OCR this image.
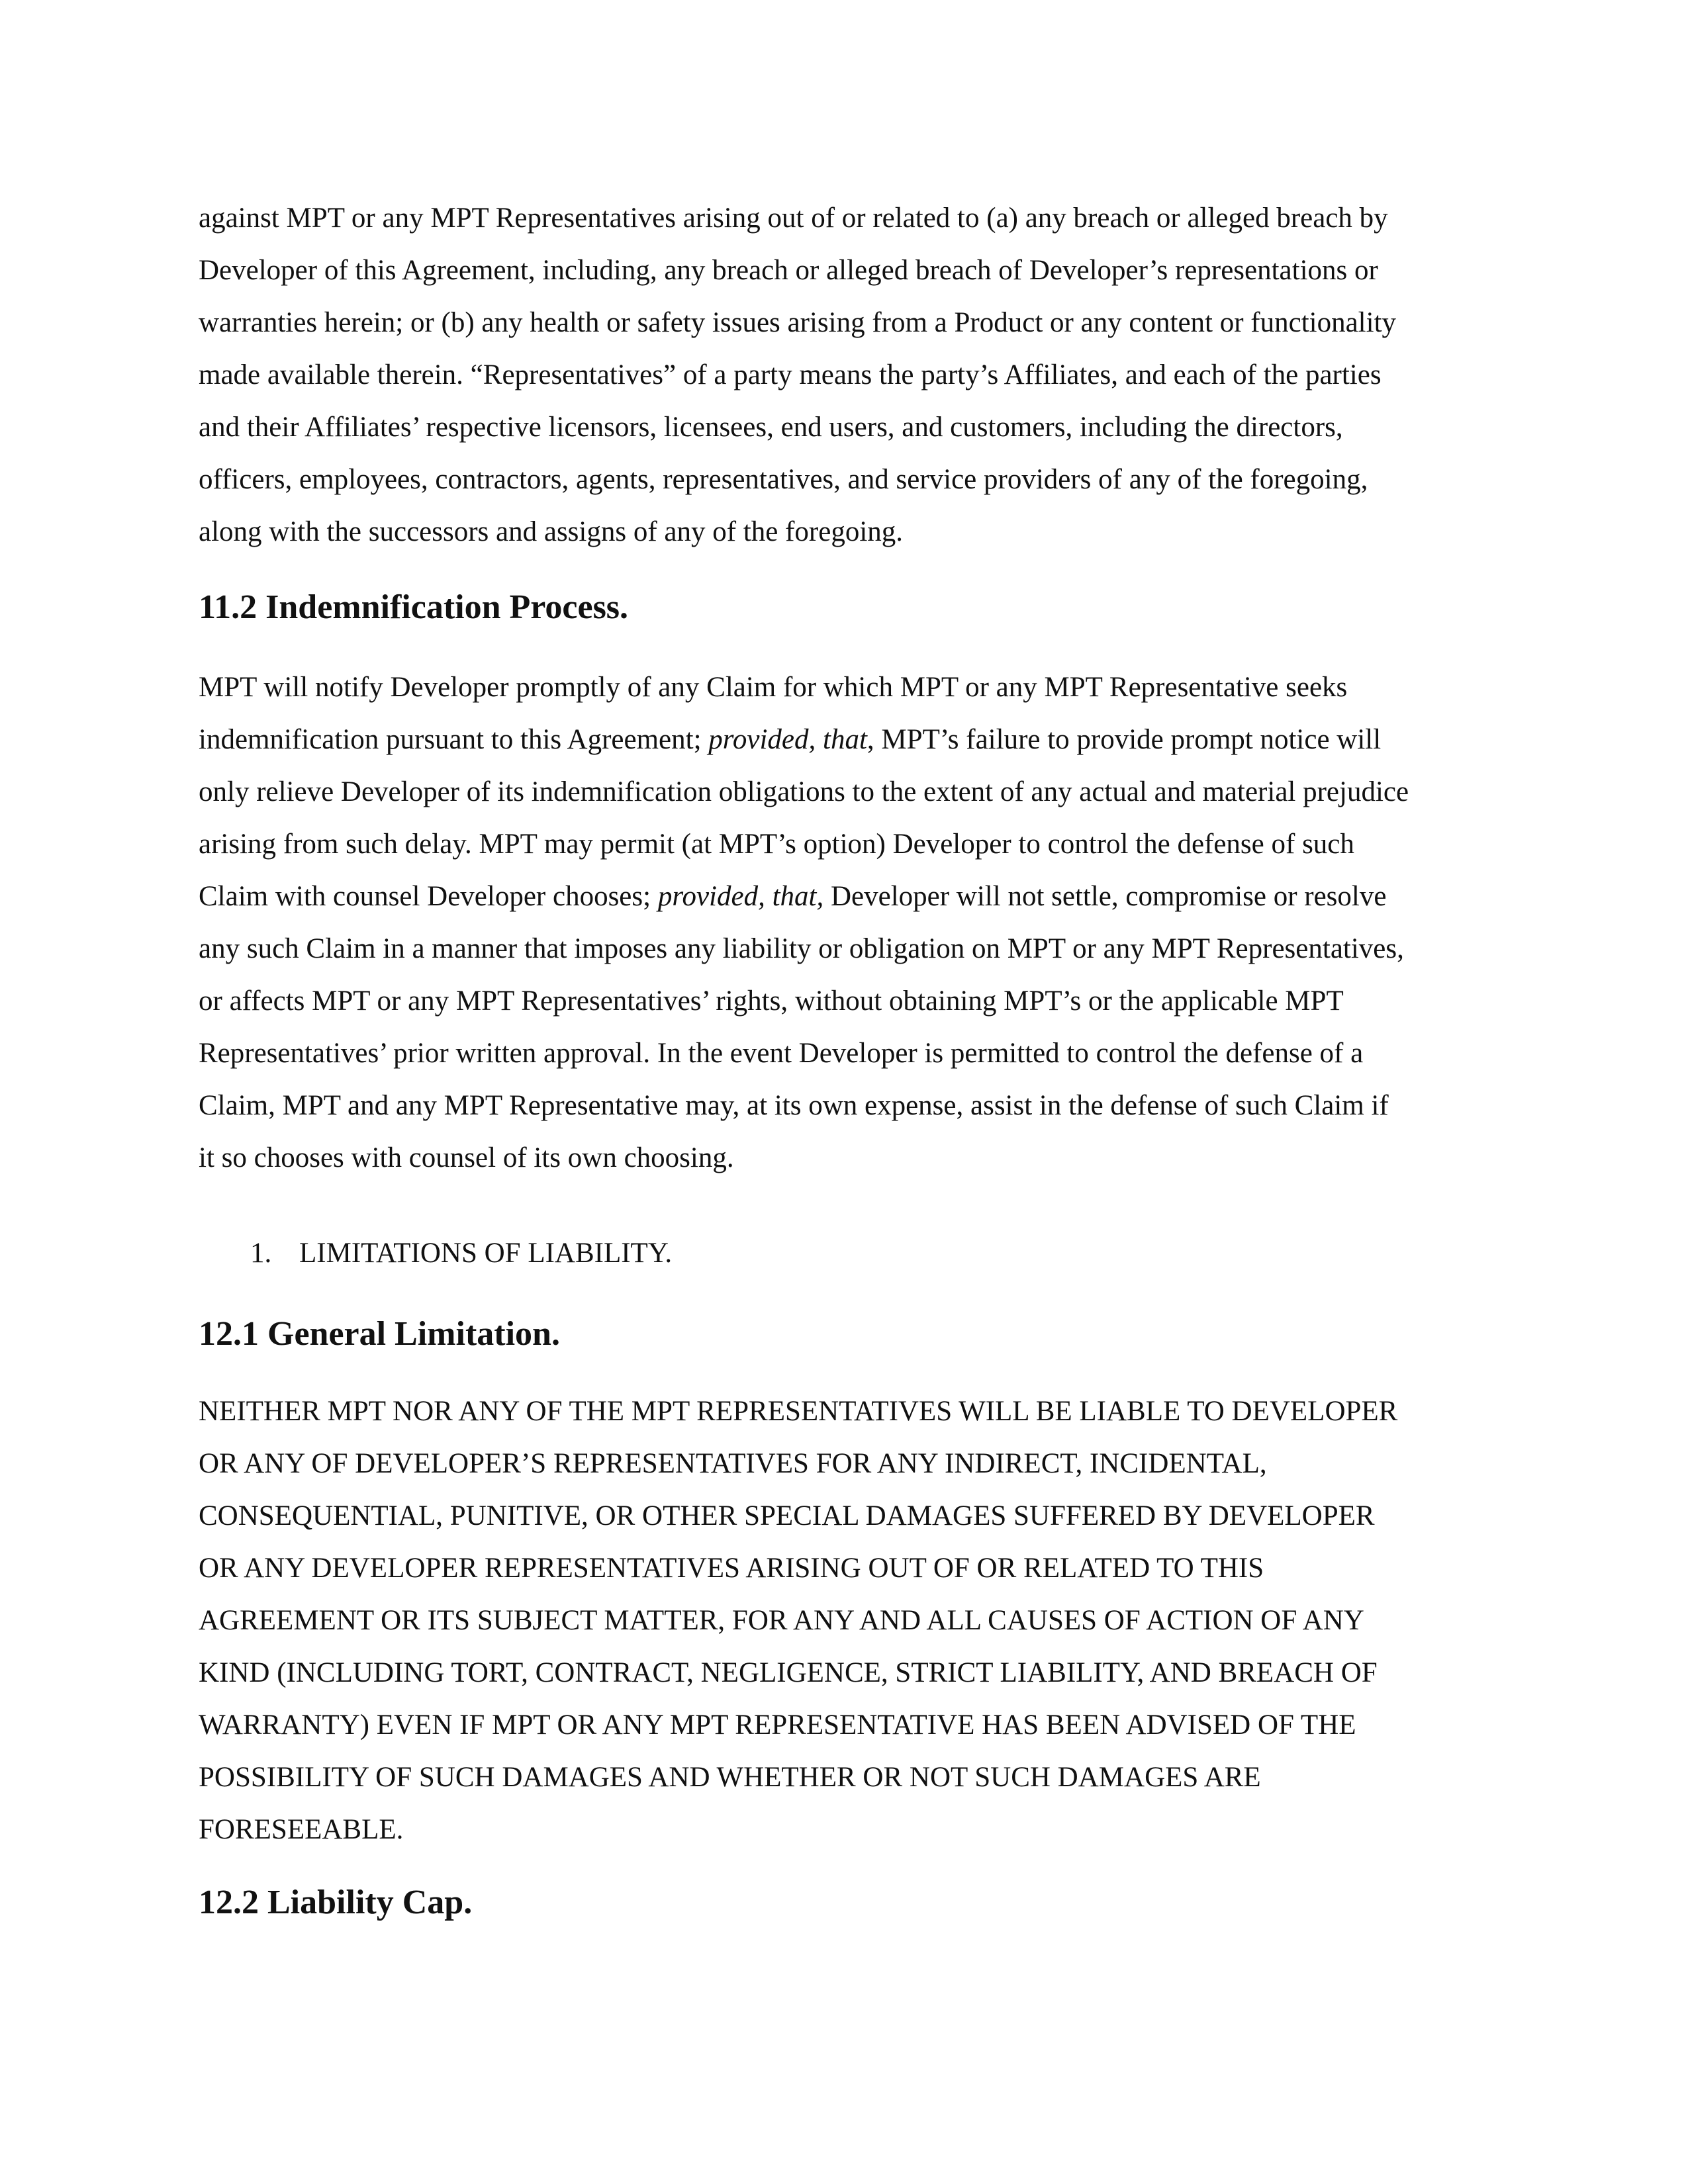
against MPT or any MPT Representatives arising out of or related to (a) any breach or alleged breach by
Developer of this Agreement, including, any breach or alleged breach of Developer’s representations or
warranties herein; or (b) any health or safety issues arising from a Product or any content or functionality
made available therein. “Representatives” of a party means the party’s Affiliates, and each of the parties
and their Affiliates’ respective licensors, licensees, end users, and customers, including the directors,
officers, employees, contractors, agents, representatives, and service providers of any of the foregoing,
along with the successors and assigns of any of the foregoing.

11.2 Indemnification Process.

MPT will notify Developer promptly of any Claim for which MPT or any MPT Representative seeks
indemnification pursuant to this Agreement; provided, that, MPT’s failure to provide prompt notice will
only relieve Developer of its indemnification obligations to the extent of any actual and material prejudice
arising from such delay. MPT may permit (at MPT’s option) Developer to control the defense of such
Claim with counsel Developer chooses; provided, that, Developer will not settle, compromise or resolve
any such Claim in a manner that imposes any liability or obligation on MPT or any MPT Representatives,
or affects MPT or any MPT Representatives’ rights, without obtaining MPT’s or the applicable MPT
Representatives’ prior written approval. In the event Developer is permitted to control the defense of a
Claim, MPT and any MPT Representative may, at its own expense, assist in the defense of such Claim if
it so chooses with counsel of its own choosing.

1. LIMITATIONS OF LIABILITY.

12.1 General Limitation.

NEITHER MPT NOR ANY OF THE MPT REPRESENTATIVES WILL BE LIABLE TO DEVELOPER
OR ANY OF DEVELOPER’S REPRESENTATIVES FOR ANY INDIRECT, INCIDENTAL,
CONSEQUENTIAL, PUNITIVE, OR OTHER SPECIAL DAMAGES SUFFERED BY DEVELOPER
OR ANY DEVELOPER REPRESENTATIVES ARISING OUT OF OR RELATED TO THIS
AGREEMENT OR ITS SUBJECT MATTER, FOR ANY AND ALL CAUSES OF ACTION OF ANY
KIND (INCLUDING TORT, CONTRACT, NEGLIGENCE, STRICT LIABILITY, AND BREACH OF
WARRANTY) EVEN IF MPT OR ANY MPT REPRESENTATIVE HAS BEEN ADVISED OF THE
POSSIBILITY OF SUCH DAMAGES AND WHETHER OR NOT SUCH DAMAGES ARE
FORESEEABLE.

12.2 Liability Cap.
